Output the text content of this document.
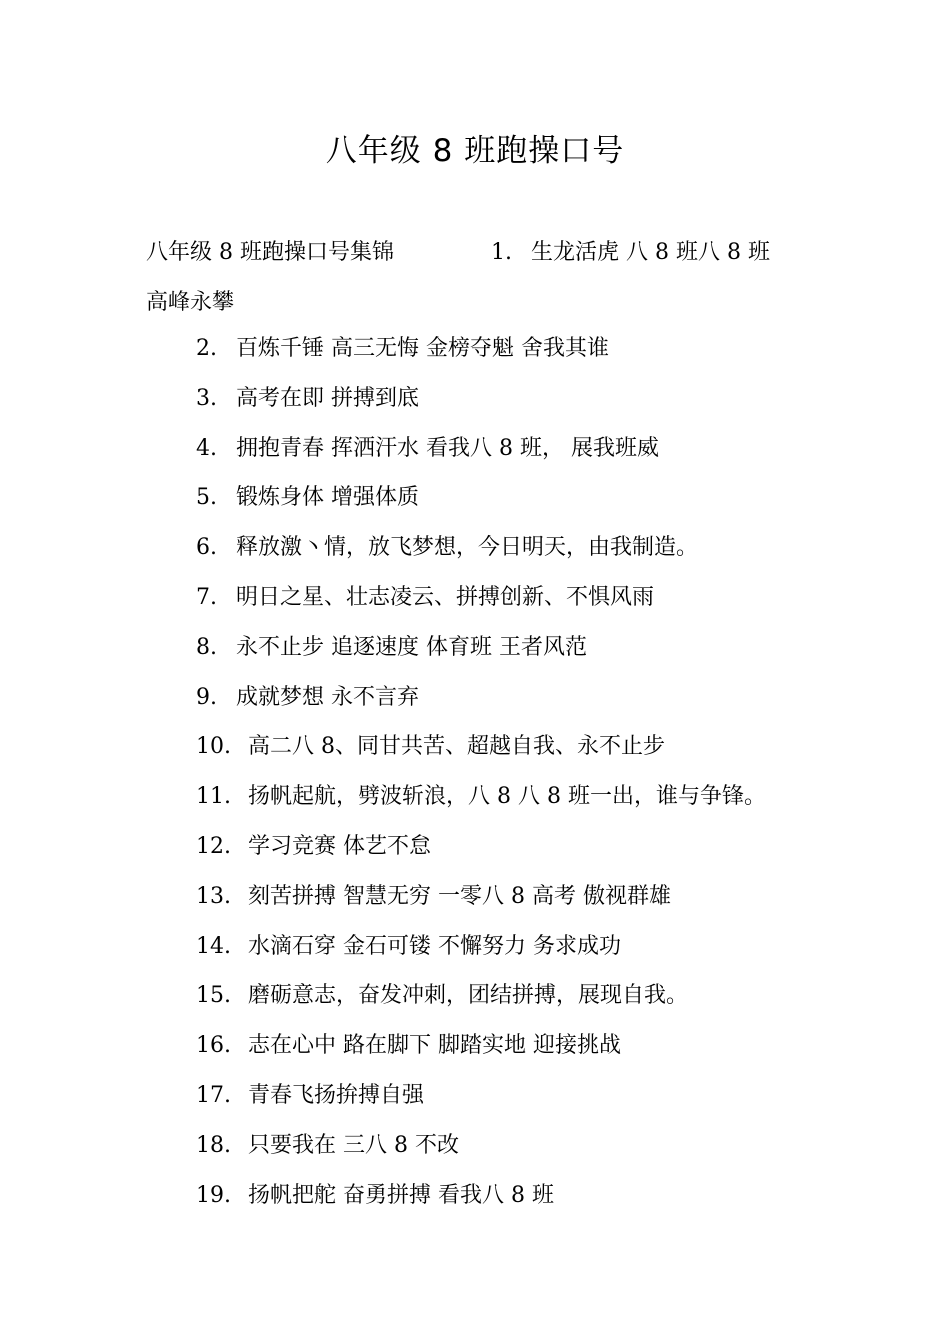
八年级 8 班跑操口号
八年级 8 班跑操口号集锦	1. 生龙活虎 八 8 班八 8 班
高峰永攀
2. 百炼千锤 高三无悔 金榜夺魁 舍我其谁
3. 高考在即 拼搏到底
4. 拥抱青春 挥洒汗水 看我八 8 班， 展我班威
5. 锻炼身体 增强体质
6. 释放激丶情，放飞梦想，今日明天，由我制造。
7. 明日之星、壮志凌云、拼搏创新、不惧风雨
8. 永不止步 追逐速度 体育班 王者风范
9. 成就梦想 永不言弃
10. 高二八 8、同甘共苦、超越自我、永不止步
11. 扬帆起航，劈波斩浪，八 8 八 8 班一出，谁与争锋。
12. 学习竞赛 体艺不怠
13. 刻苦拼搏 智慧无穷 一零八 8 高考 傲视群雄
14. 水滴石穿 金石可镂 不懈努力 务求成功
15. 磨砺意志，奋发冲刺，团结拼搏，展现自我。
16. 志在心中 路在脚下 脚踏实地 迎接挑战
17. 青春飞扬拚搏自强
18. 只要我在 三八 8 不改
19. 扬帆把舵 奋勇拼搏 看我八 8 班
